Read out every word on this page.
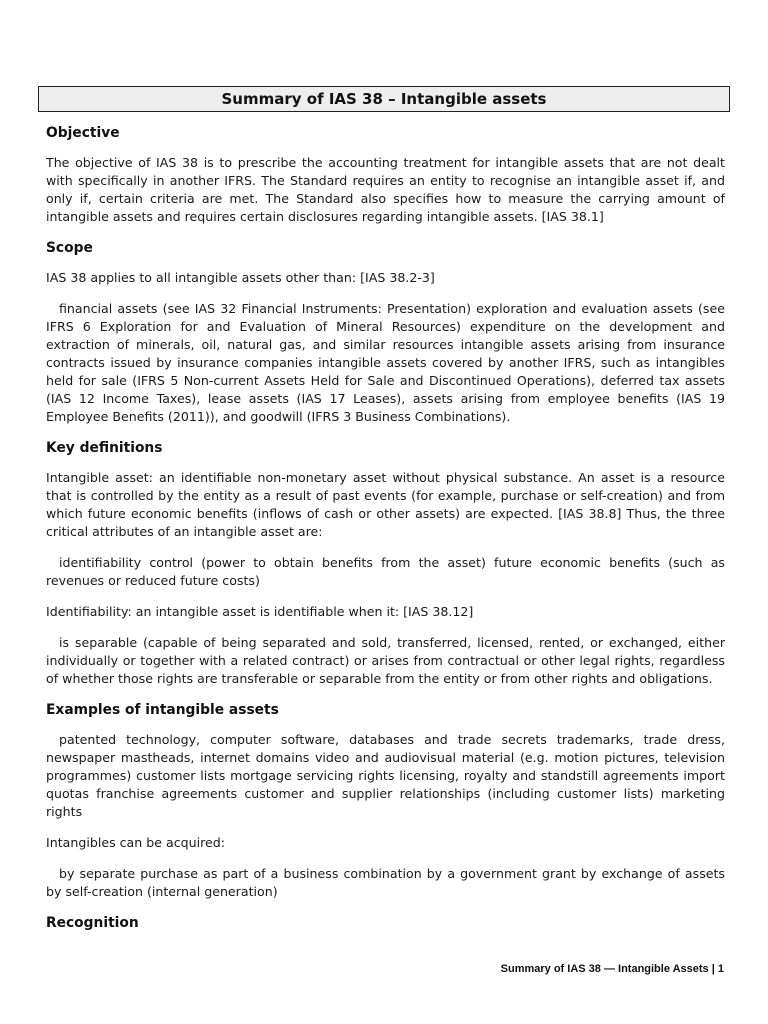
Summary of IAS 38 – Intangible assets
Objective

The objective of IAS 38 is to prescribe the accounting treatment for intangible assets that are not dealt with specifically in another IFRS. The Standard requires an entity to recognise an intangible asset if, and only if, certain criteria are met. The Standard also specifies how to measure the carrying amount of intangible assets and requires certain disclosures regarding intangible assets. [IAS 38.1]

Scope

IAS 38 applies to all intangible assets other than: [IAS 38.2-3]

financial assets (see IAS 32 Financial Instruments: Presentation) exploration and evaluation assets (see IFRS 6 Exploration for and Evaluation of Mineral Resources) expenditure on the development and extraction of minerals, oil, natural gas, and similar resources intangible assets arising from insurance contracts issued by insurance companies intangible assets covered by another IFRS, such as intangibles held for sale (IFRS 5 Non-current Assets Held for Sale and Discontinued Operations), deferred tax assets (IAS 12 Income Taxes), lease assets (IAS 17 Leases), assets arising from employee benefits (IAS 19 Employee Benefits (2011)), and goodwill (IFRS 3 Business Combinations).

Key definitions

Intangible asset: an identifiable non-monetary asset without physical substance. An asset is a resource that is controlled by the entity as a result of past events (for example, purchase or self-creation) and from which future economic benefits (inflows of cash or other assets) are expected. [IAS 38.8] Thus, the three critical attributes of an intangible asset are:

identifiability control (power to obtain benefits from the asset) future economic benefits (such as revenues or reduced future costs)

Identifiability: an intangible asset is identifiable when it: [IAS 38.12]

is separable (capable of being separated and sold, transferred, licensed, rented, or exchanged, either individually or together with a related contract) or arises from contractual or other legal rights, regardless of whether those rights are transferable or separable from the entity or from other rights and obligations.

Examples of intangible assets

patented technology, computer software, databases and trade secrets trademarks, trade dress, newspaper mastheads, internet domains video and audiovisual material (e.g. motion pictures, television programmes) customer lists mortgage servicing rights licensing, royalty and standstill agreements import quotas franchise agreements customer and supplier relationships (including customer lists) marketing rights

Intangibles can be acquired:

by separate purchase as part of a business combination by a government grant by exchange of assets by self-creation (internal generation)

Recognition
Summary of IAS 38 — Intangible Assets | 1
